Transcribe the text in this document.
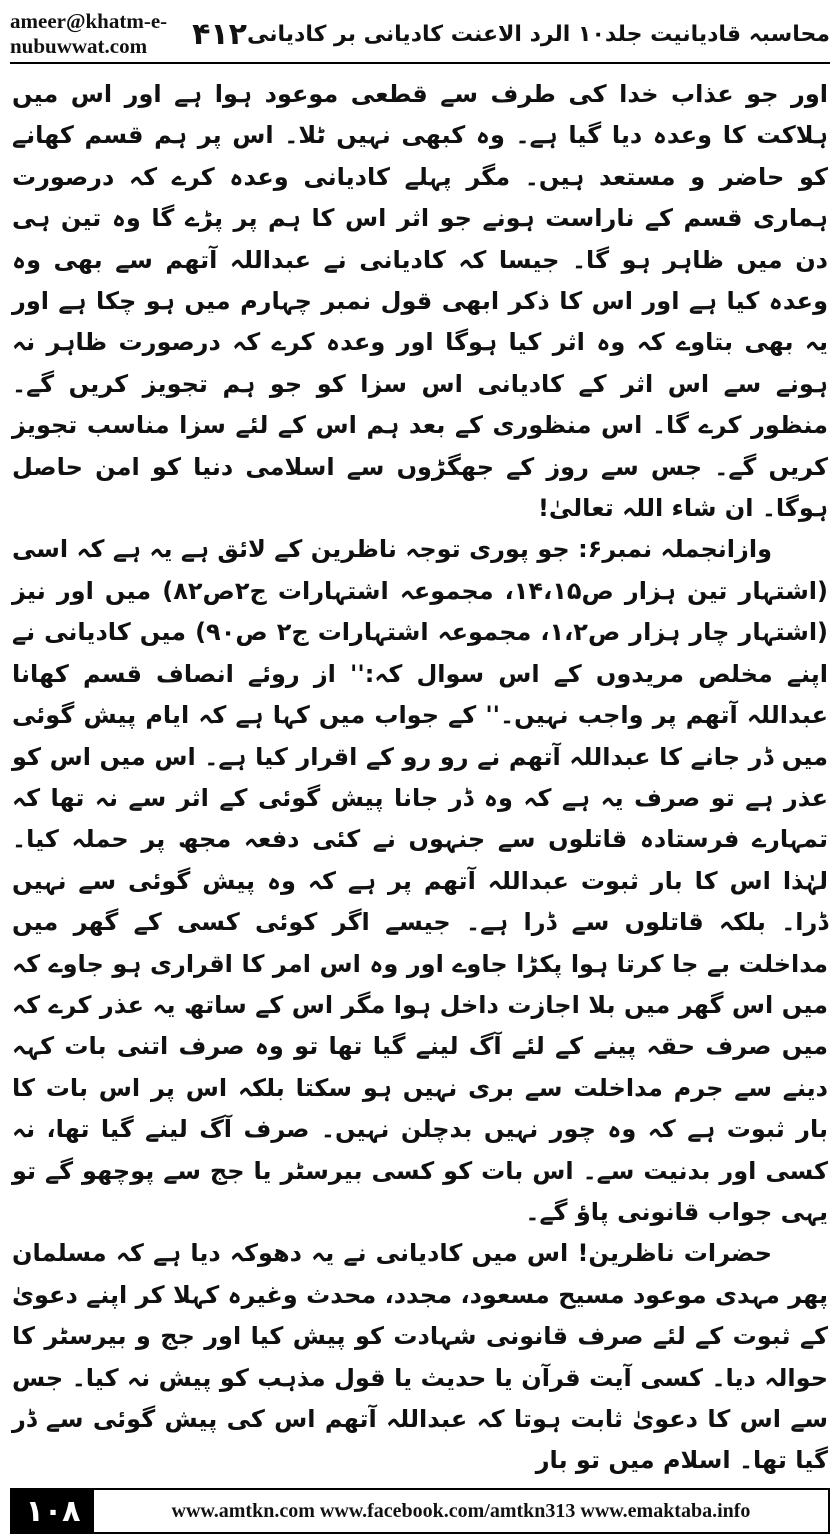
ameer@khatm-e-nubuwwat.com	۴۱۲ محاسبہ قادیانیت جلد۱۰ الرد الاعنت کادیانی بر کادیانی

اور جو عذاب خدا کی طرف سے قطعی موعود ہوا ہے اور اس میں ہلاکت کا وعدہ دیا گیا ہے۔ وہ کبھی نہیں ٹلا۔ اس پر ہم قسم کھانے کو حاضر و مستعد ہیں۔ مگر پہلے کادیانی وعدہ کرے کہ درصورت ہماری قسم کے ناراست ہونے جو اثر اس کا ہم پر پڑے گا وہ تین ہی دن میں ظاہر ہو گا۔ جیسا کہ کادیانی نے عبداللہ آتھم سے بھی وہ وعدہ کیا ہے اور اس کا ذکر ابھی قول نمبر چہارم میں ہو چکا ہے اور یہ بھی بتاوے کہ وہ اثر کیا ہوگا اور وعدہ کرے کہ درصورت ظاہر نہ ہونے سے اس اثر کے کادیانی اس سزا کو جو ہم تجویز کریں گے۔ منظور کرے گا۔ اس منظوری کے بعد ہم اس کے لئے سزا مناسب تجویز کریں گے۔ جس سے روز کے جھگڑوں سے اسلامی دنیا کو امن حاصل ہوگا۔ ان شاء اللہ تعالیٰ!

وازانجملہ نمبر۶: جو پوری توجہ ناظرین کے لائق ہے یہ ہے کہ اسی (اشتہار تین ہزار ص۱۴،۱۵، مجموعہ اشتہارات ج۲ص۸۲) میں اور نیز (اشتہار چار ہزار ص۱،۲، مجموعہ اشتہارات ج۲ ص۹۰) میں کادیانی نے اپنے مخلص مریدوں کے اس سوال کہ:'' از روئے انصاف قسم کھانا عبداللہ آتھم پر واجب نہیں۔'' کے جواب میں کہا ہے کہ ایام پیش گوئی میں ڈر جانے کا عبداللہ آتھم نے رو رو کے اقرار کیا ہے۔ اس میں اس کو عذر ہے تو صرف یہ ہے کہ وہ ڈر جانا پیش گوئی کے اثر سے نہ تھا کہ تمہارے فرستادہ قاتلوں سے جنہوں نے کئی دفعہ مجھ پر حملہ کیا۔ لہٰذا اس کا بار ثبوت عبداللہ آتھم پر ہے کہ وہ پیش گوئی سے نہیں ڈرا۔ بلکہ قاتلوں سے ڈرا ہے۔ جیسے اگر کوئی کسی کے گھر میں مداخلت بے جا کرتا ہوا پکڑا جاوے اور وہ اس امر کا اقراری ہو جاوے کہ میں اس گھر میں بلا اجازت داخل ہوا مگر اس کے ساتھ یہ عذر کرے کہ میں صرف حقہ پینے کے لئے آگ لینے گیا تھا تو وہ صرف اتنی بات کہہ دینے سے جرم مداخلت سے بری نہیں ہو سکتا بلکہ اس پر اس بات کا بار ثبوت ہے کہ وہ چور نہیں بدچلن نہیں۔ صرف آگ لینے گیا تھا، نہ کسی اور بدنیت سے۔ اس بات کو کسی بیرسٹر یا جج سے پوچھو گے تو یہی جواب قانونی پاؤ گے۔

حضرات ناظرین! اس میں کادیانی نے یہ دھوکہ دیا ہے کہ مسلمان پھر مہدی موعود مسیح مسعود، مجدد، محدث وغیرہ کہلا کر اپنے دعویٰ کے ثبوت کے لئے صرف قانونی شہادت کو پیش کیا اور جج و بیرسٹر کا حوالہ دیا۔ کسی آیت قرآن یا حدیث یا قول مذہب کو پیش نہ کیا۔ جس سے اس کا دعویٰ ثابت ہوتا کہ عبداللہ آتھم اس کی پیش گوئی سے ڈر گیا تھا۔ اسلام میں تو بار

۱۰۸	www.amtkn.com www.facebook.com/amtkn313 www.emaktaba.info
